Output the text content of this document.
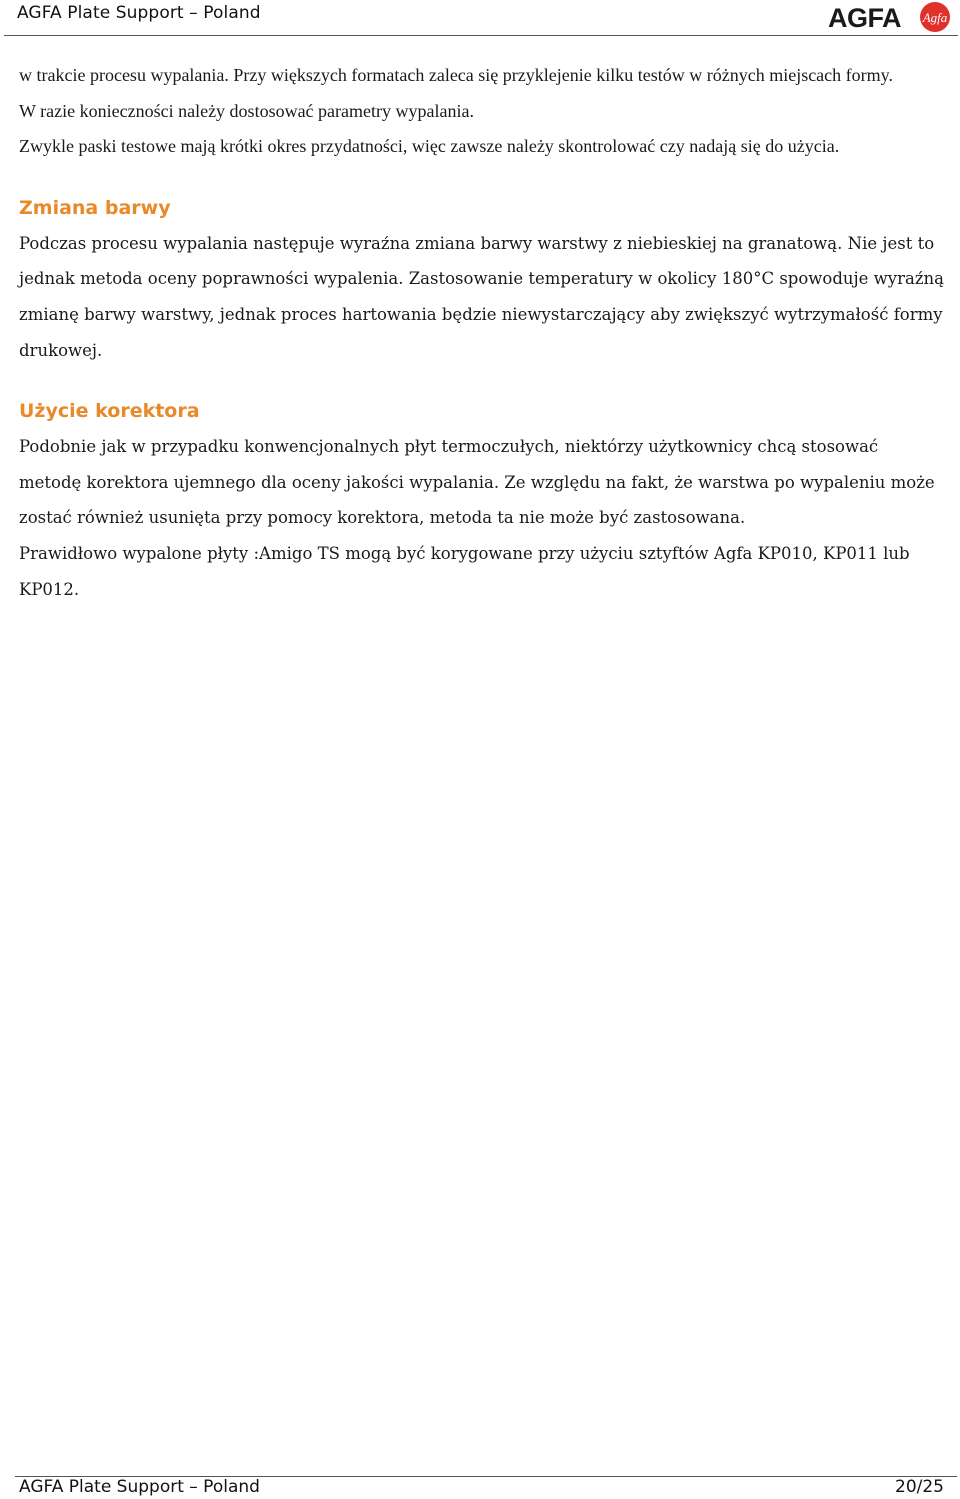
AGFA Plate Support – Poland	AGFA Agfa

w trakcie procesu wypalania. Przy większych formatach zaleca się przyklejenie kilku testów w różnych miejscach formy.

W razie konieczności należy dostosować parametry wypalania.

Zwykle paski testowe mają krótki okres przydatności, więc zawsze należy skontrolować czy nadają się do użycia.

Zmiana barwy

Podczas procesu wypalania następuje wyraźna zmiana barwy warstwy z niebieskiej na granatową. Nie jest to jednak metoda oceny poprawności wypalenia. Zastosowanie temperatury w okolicy 180°C spowoduje wyraźną zmianę barwy warstwy, jednak proces hartowania będzie niewystarczający aby zwiększyć wytrzymałość formy drukowej.

Użycie korektora

Podobnie jak w przypadku konwencjonalnych płyt termoczułych, niektórzy użytkownicy chcą stosować metodę korektora ujemnego dla oceny jakości wypalania. Ze względu na fakt, że warstwa po wypaleniu może zostać również usunięta przy pomocy korektora, metoda ta nie może być zastosowana.

Prawidłowo wypalone płyty :Amigo TS mogą być korygowane przy użyciu sztyftów Agfa KP010, KP011 lub KP012.

AGFA Plate Support – Poland	20/25
